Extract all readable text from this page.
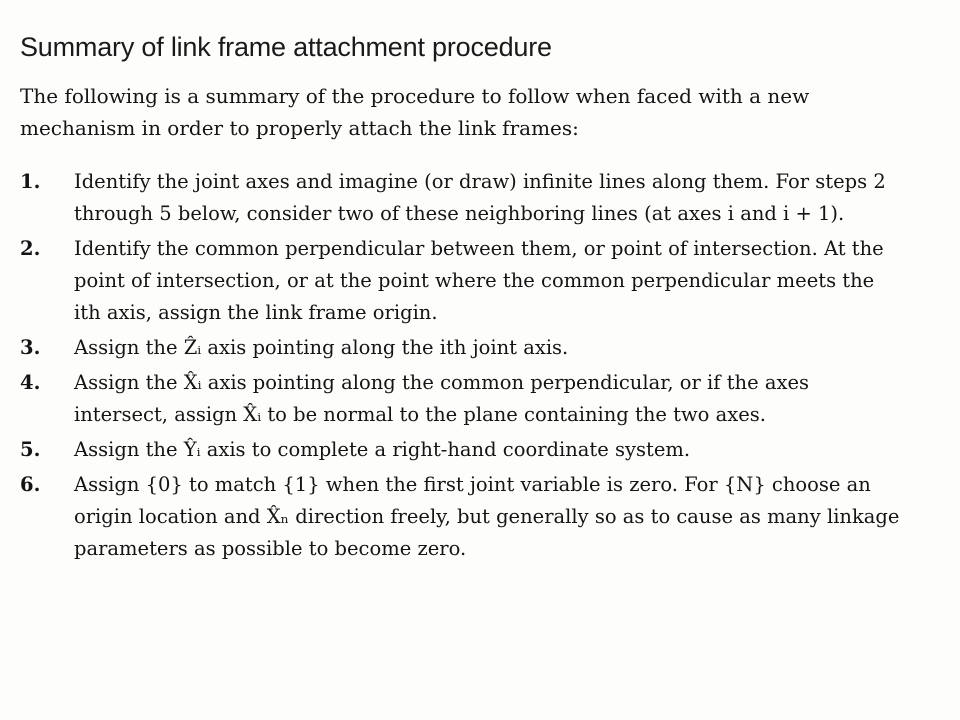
Summary of link frame attachment procedure

The following is a summary of the procedure to follow when faced with a new mechanism in order to properly attach the link frames:

1. Identify the joint axes and imagine (or draw) infinite lines along them. For steps 2 through 5 below, consider two of these neighboring lines (at axes i and i + 1).
2. Identify the common perpendicular between them, or point of intersection. At the point of intersection, or at the point where the common perpendicular meets the ith axis, assign the link frame origin.
3. Assign the Ẑᵢ axis pointing along the ith joint axis.
4. Assign the X̂ᵢ axis pointing along the common perpendicular, or if the axes intersect, assign X̂ᵢ to be normal to the plane containing the two axes.
5. Assign the Ŷᵢ axis to complete a right-hand coordinate system.
6. Assign {0} to match {1} when the first joint variable is zero. For {N} choose an origin location and X̂ₙ direction freely, but generally so as to cause as many linkage parameters as possible to become zero.
